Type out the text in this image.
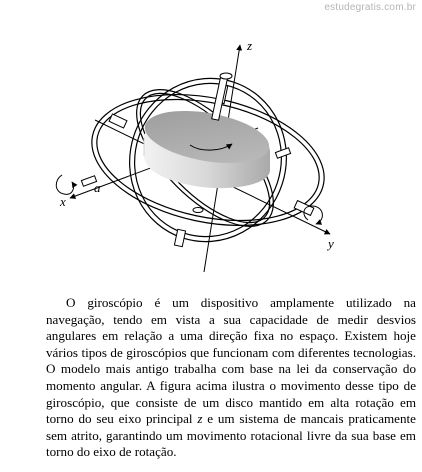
estudegratis.com.br
z
y
x
a

O giroscópio é um dispositivo amplamente utilizado na navegação, tendo em vista a sua capacidade de medir desvios angulares em relação a uma direção fixa no espaço. Existem hoje vários tipos de giroscópios que funcionam com diferentes tecnologias. O modelo mais antigo trabalha com base na lei da conservação do momento angular. A figura acima ilustra o movimento desse tipo de giroscópio, que consiste de um disco mantido em alta rotação em torno do seu eixo principal z e um sistema de mancais praticamente sem atrito, garantindo um movimento rotacional livre da sua base em torno do eixo de rotação.
